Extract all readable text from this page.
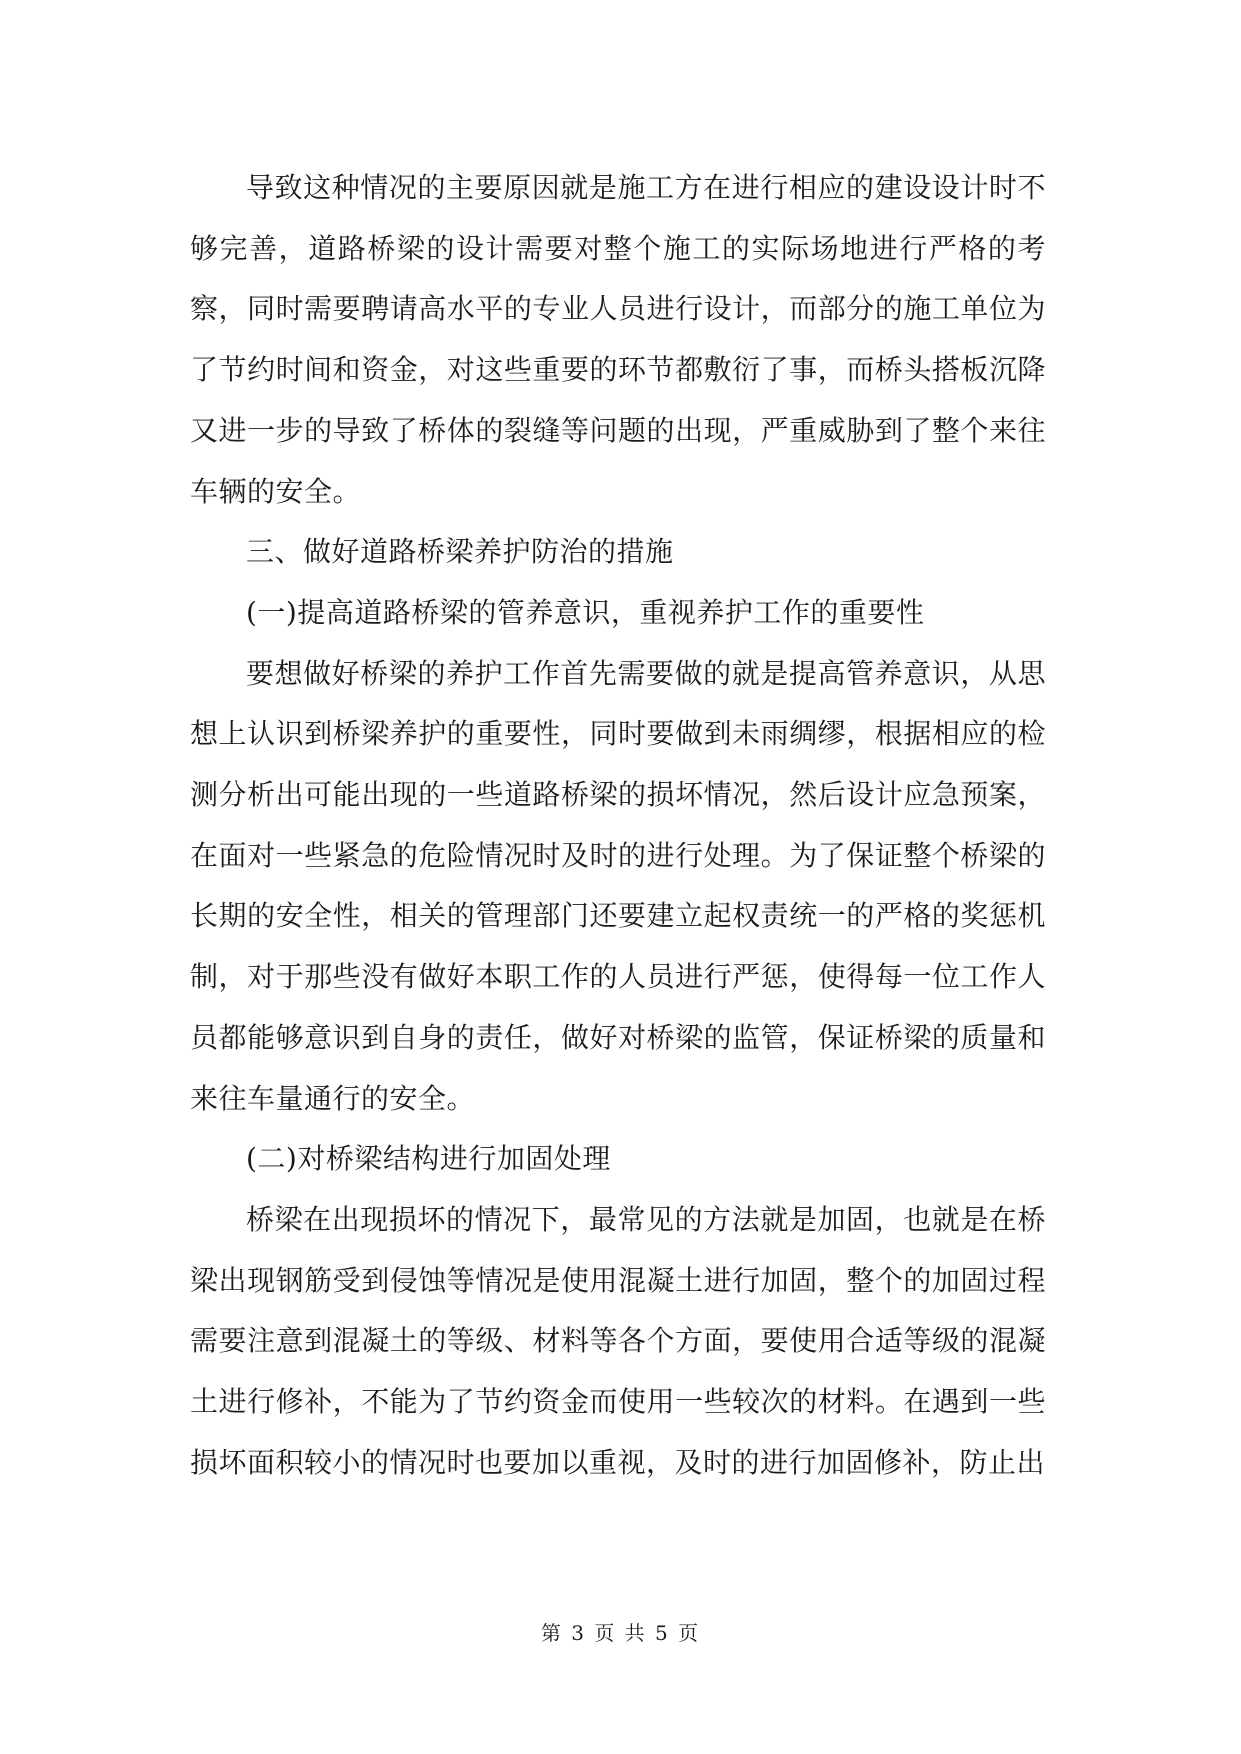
导致这种情况的主要原因就是施工方在进行相应的建设设计时不够完善，道路桥梁的设计需要对整个施工的实际场地进行严格的考察，同时需要聘请高水平的专业人员进行设计，而部分的施工单位为了节约时间和资金，对这些重要的环节都敷衍了事，而桥头搭板沉降又进一步的导致了桥体的裂缝等问题的出现，严重威胁到了整个来往车辆的安全。

三、做好道路桥梁养护防治的措施

(一)提高道路桥梁的管养意识，重视养护工作的重要性

要想做好桥梁的养护工作首先需要做的就是提高管养意识，从思想上认识到桥梁养护的重要性，同时要做到未雨绸缪，根据相应的检测分析出可能出现的一些道路桥梁的损坏情况，然后设计应急预案，在面对一些紧急的危险情况时及时的进行处理。为了保证整个桥梁的长期的安全性，相关的管理部门还要建立起权责统一的严格的奖惩机制，对于那些没有做好本职工作的人员进行严惩，使得每一位工作人员都能够意识到自身的责任，做好对桥梁的监管，保证桥梁的质量和来往车量通行的安全。

(二)对桥梁结构进行加固处理

桥梁在出现损坏的情况下，最常见的方法就是加固，也就是在桥梁出现钢筋受到侵蚀等情况是使用混凝土进行加固，整个的加固过程需要注意到混凝土的等级、材料等各个方面，要使用合适等级的混凝土进行修补，不能为了节约资金而使用一些较次的材料。在遇到一些损坏面积较小的情况时也要加以重视，及时的进行加固修补，防止出

第 3 页 共 5 页
